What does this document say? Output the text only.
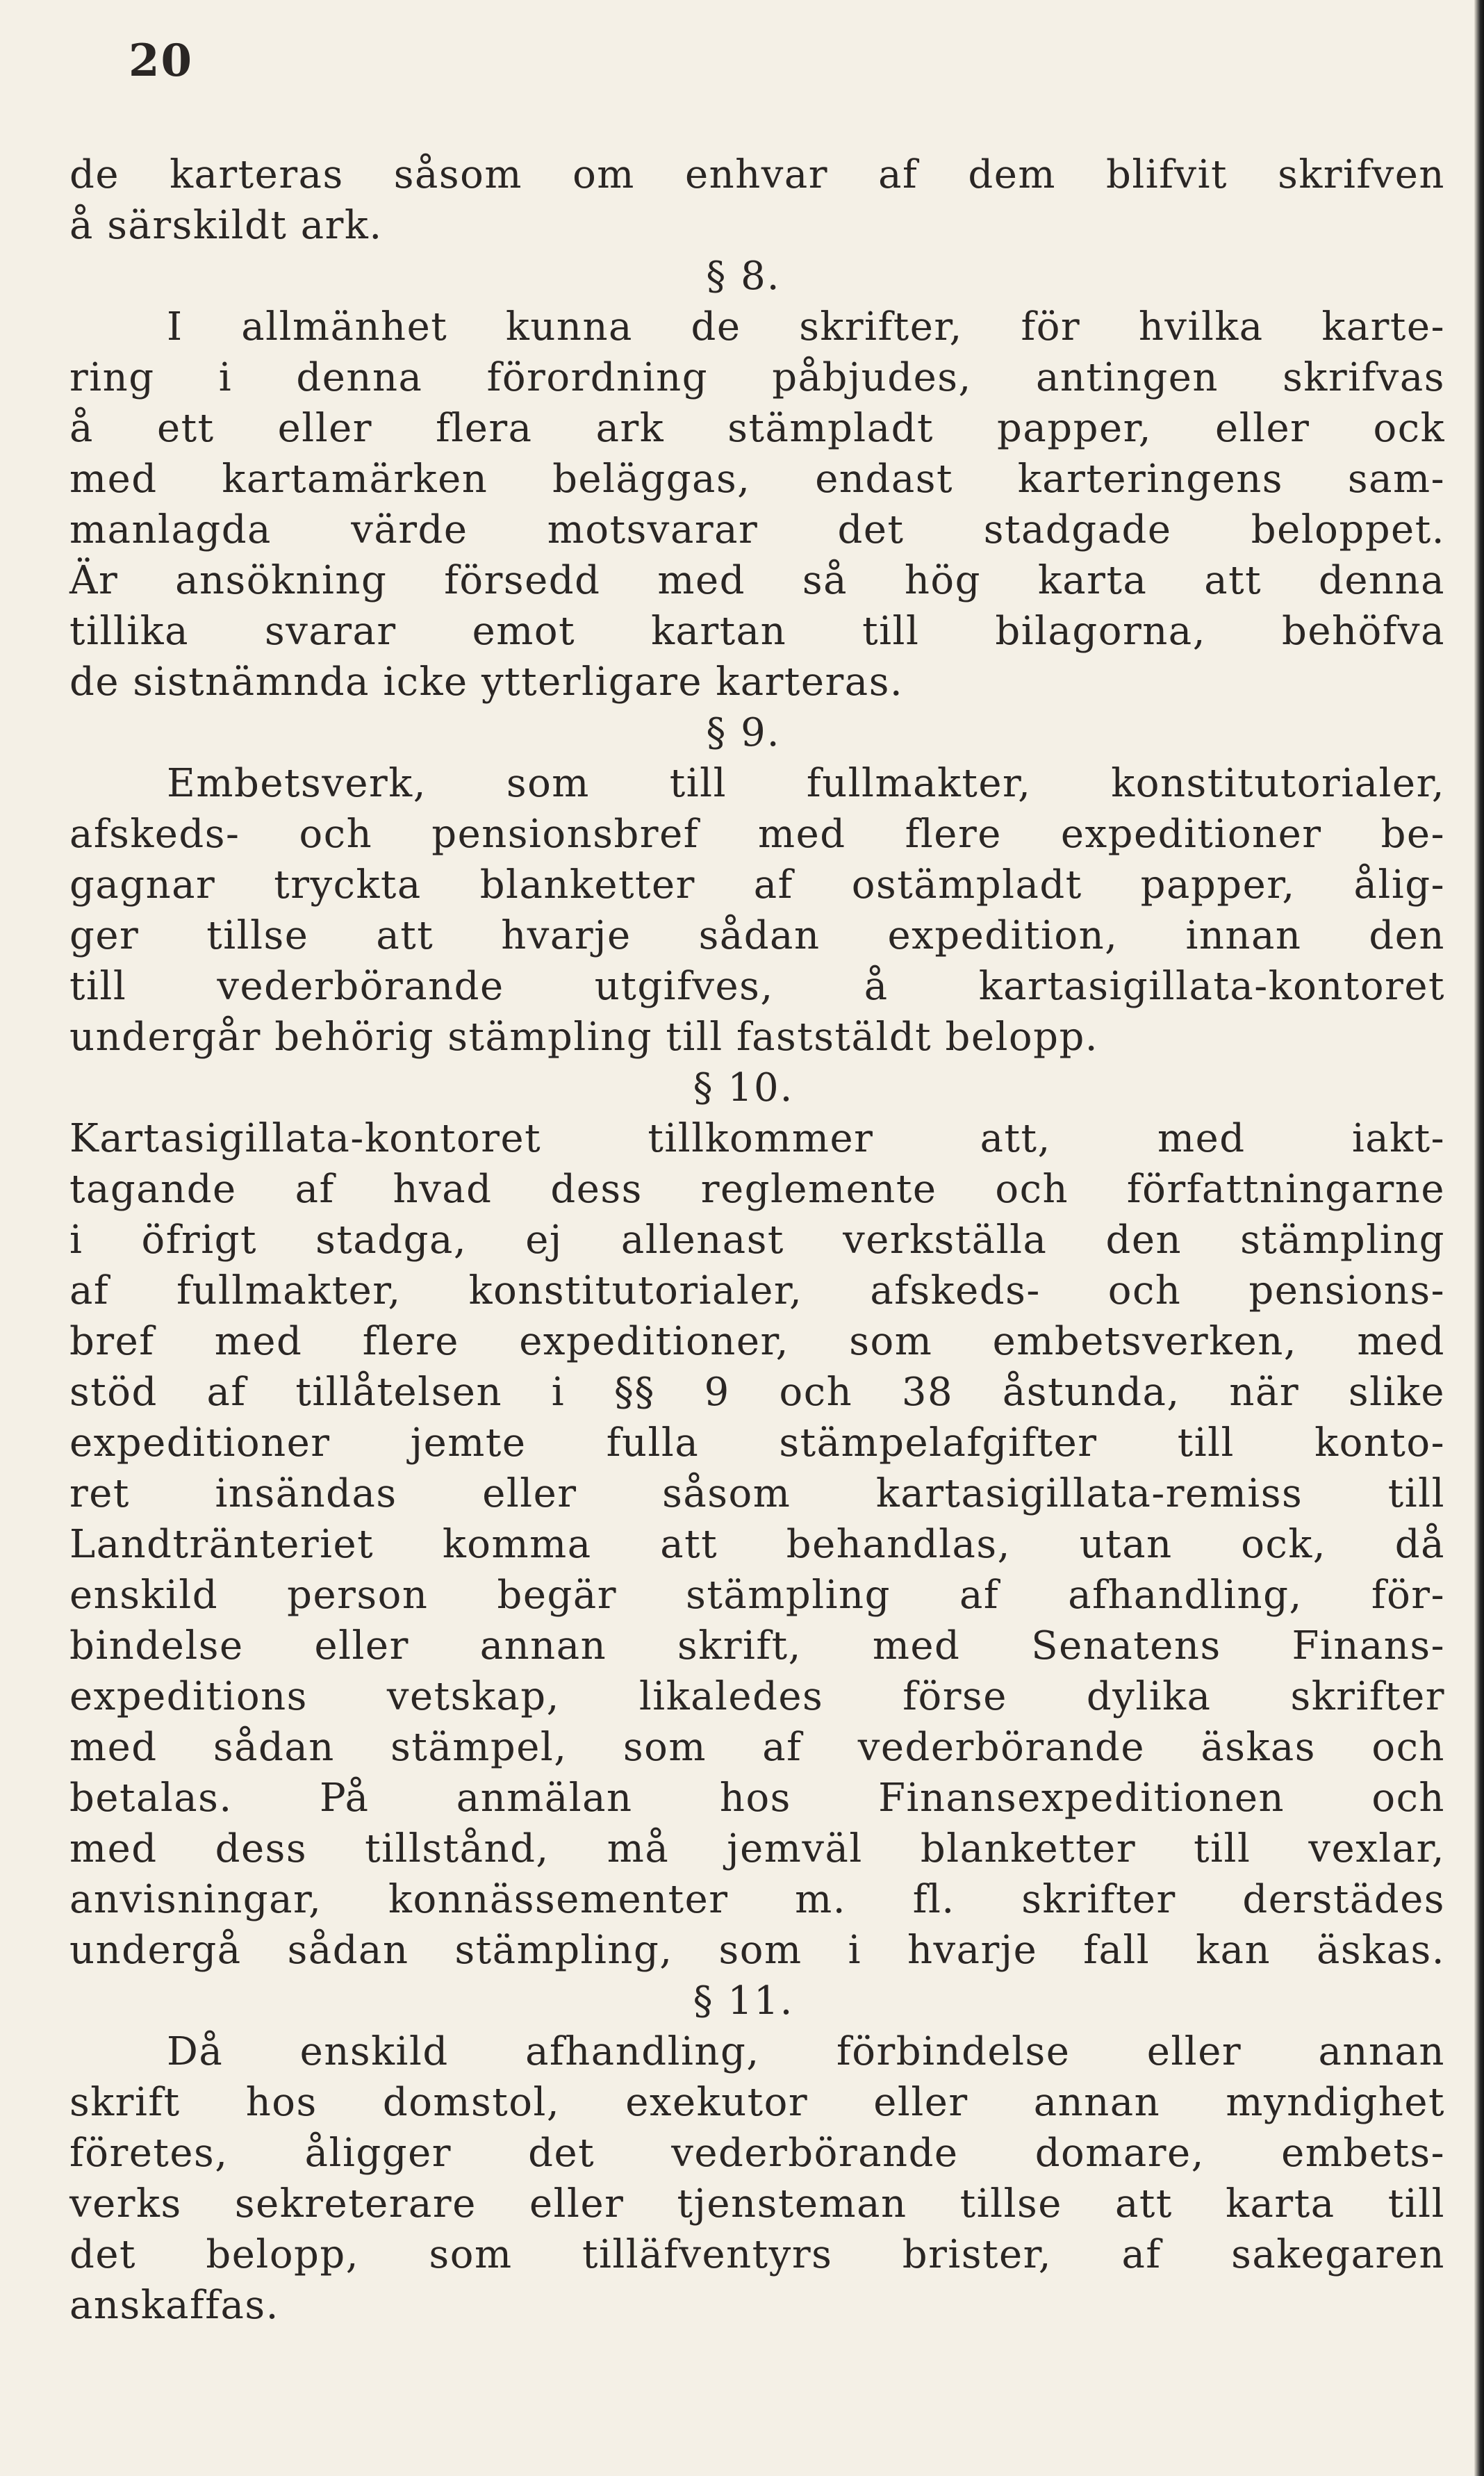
20
de karteras såsom om enhvar af dem blifvit skrifven
å särskildt ark.
§ 8.
I allmänhet kunna de skrifter, för hvilka karte-
ring i denna förordning påbjudes, antingen skrifvas
å ett eller flera ark stämpladt papper, eller ock
med kartamärken beläggas, endast karteringens sam-
manlagda värde motsvarar det stadgade beloppet.
Är ansökning försedd med så hög karta att denna
tillika svarar emot kartan till bilagorna, behöfva
de sistnämnda icke ytterligare karteras.
§ 9.
Embetsverk, som till fullmakter, konstitutorialer,
afskeds- och pensionsbref med flere expeditioner be-
gagnar tryckta blanketter af ostämpladt papper, ålig-
ger tillse att hvarje sådan expedition, innan den
till vederbörande utgifves, å kartasigillata-kontoret
undergår behörig stämpling till faststäldt belopp.
§ 10.
Kartasigillata-kontoret tillkommer att, med iakt-
tagande af hvad dess reglemente och författningarne
i öfrigt stadga, ej allenast verkställa den stämpling
af fullmakter, konstitutorialer, afskeds- och pensions-
bref med flere expeditioner, som embetsverken, med
stöd af tillåtelsen i §§ 9 och 38 åstunda, när slike
expeditioner jemte fulla stämpelafgifter till konto-
ret insändas eller såsom kartasigillata-remiss till
Landtränteriet komma att behandlas, utan ock, då
enskild person begär stämpling af afhandling, för-
bindelse eller annan skrift, med Senatens Finans-
expeditions vetskap, likaledes förse dylika skrifter
med sådan stämpel, som af vederbörande äskas och
betalas. På anmälan hos Finansexpeditionen och
med dess tillstånd, må jemväl blanketter till vexlar,
anvisningar, konnässementer m. fl. skrifter derstädes
undergå sådan stämpling, som i hvarje fall kan äskas.
§ 11.
Då enskild afhandling, förbindelse eller annan
skrift hos domstol, exekutor eller annan myndighet
företes, åligger det vederbörande domare, embets-
verks sekreterare eller tjensteman tillse att karta till
det belopp, som tilläfventyrs brister, af sakegaren
anskaffas.
